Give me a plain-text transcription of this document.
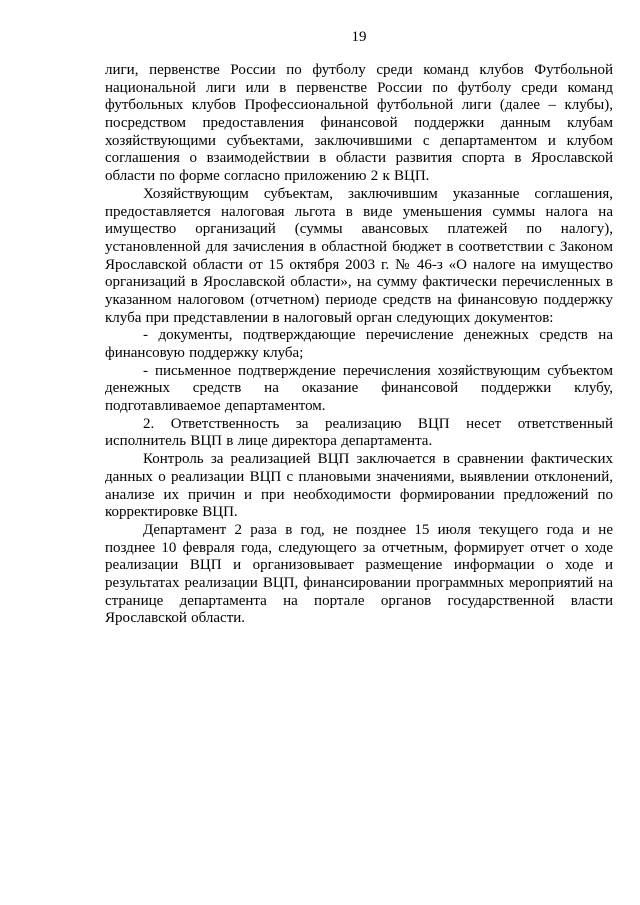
19

лиги, первенстве России по футболу среди команд клубов Футбольной национальной лиги или в первенстве России по футболу среди команд футбольных клубов Профессиональной футбольной лиги (далее – клубы), посредством предоставления финансовой поддержки данным клубам хозяйствующими субъектами, заключившими с департаментом и клубом соглашения о взаимодействии в области развития спорта в Ярославской области по форме согласно приложению 2 к ВЦП.

Хозяйствующим субъектам, заключившим указанные соглашения, предоставляется налоговая льгота в виде уменьшения суммы налога на имущество организаций (суммы авансовых платежей по налогу), установленной для зачисления в областной бюджет в соответствии с Законом Ярославской области от 15 октября 2003 г. № 46-з «О налоге на имущество организаций в Ярославской области», на сумму фактически перечисленных в указанном налоговом (отчетном) периоде средств на финансовую поддержку клуба при представлении в налоговый орган следующих документов:

- документы, подтверждающие перечисление денежных средств на финансовую поддержку клуба;

- письменное подтверждение перечисления хозяйствующим субъектом денежных средств на оказание финансовой поддержки клубу, подготавливаемое департаментом.

2. Ответственность за реализацию ВЦП несет ответственный исполнитель ВЦП в лице директора департамента.

Контроль за реализацией ВЦП заключается в сравнении фактических данных о реализации ВЦП с плановыми значениями, выявлении отклонений, анализе их причин и при необходимости формировании предложений по корректировке ВЦП.

Департамент 2 раза в год, не позднее 15 июля текущего года и не позднее 10 февраля года, следующего за отчетным, формирует отчет о ходе реализации ВЦП и организовывает размещение информации о ходе и результатах реализации ВЦП, финансировании программных мероприятий на странице департамента на портале органов государственной власти Ярославской области.
